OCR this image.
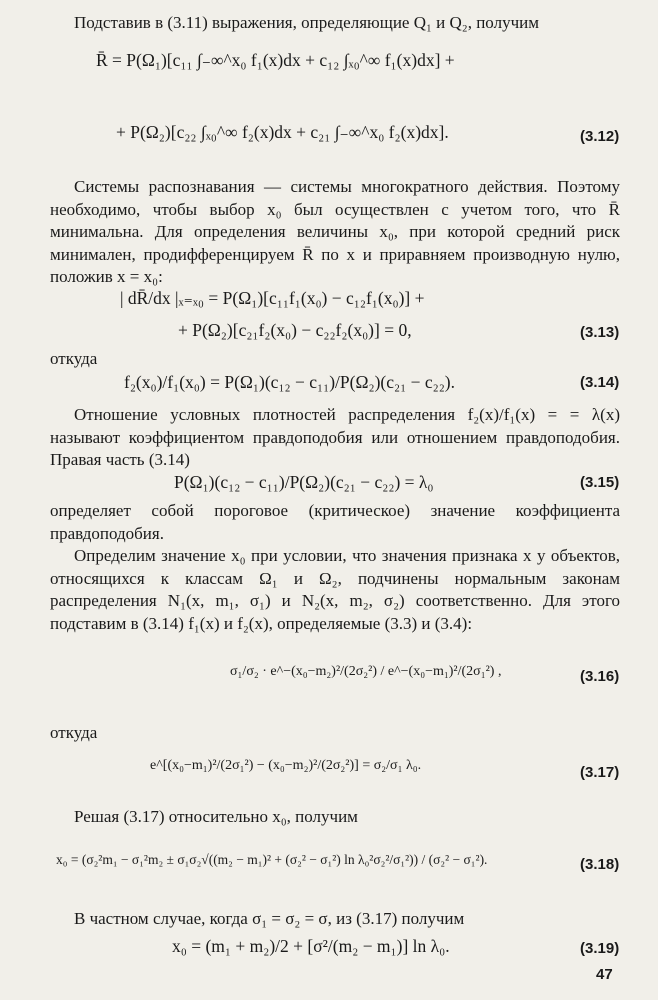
Подставив в (3.11) выражения, определяющие Q₁ и Q₂, получим
R̄ = P(Ω₁)[c₁₁ ∫₋∞^x₀ f₁(x)dx + c₁₂ ∫ₓ₀^∞ f₁(x)dx] +
+ P(Ω₂)[c₂₂ ∫ₓ₀^∞ f₂(x)dx + c₂₁ ∫₋∞^x₀ f₂(x)dx].	(3.12)
Системы распознавания — системы многократного действия. Поэтому необходимо, чтобы выбор x₀ был осуществлен с учетом того, что R̄ минимальна. Для определения величины x₀, при которой средний риск минимален, продифференцируем R̄ по x и приравняем производную нулю, положив x = x₀:
| dR̄/dx |ₓ₌ₓ₀ = P(Ω₁)[c₁₁f₁(x₀) − c₁₂f₁(x₀)] +
+ P(Ω₂)[c₂₁f₂(x₀) − c₂₂f₂(x₀)] = 0,	(3.13)
откуда
f₂(x₀)/f₁(x₀) = P(Ω₁)(c₁₂ − c₁₁)/P(Ω₂)(c₂₁ − c₂₂).	(3.14)
Отношение условных плотностей распределения f₂(x)/f₁(x) = = λ(x) называют коэффициентом правдоподобия или отношением правдоподобия. Правая часть (3.14)
P(Ω₁)(c₁₂ − c₁₁)/P(Ω₂)(c₂₁ − c₂₂) = λ₀	(3.15)
определяет собой пороговое (критическое) значение коэффициента правдоподобия.
Определим значение x₀ при условии, что значения признака x у объектов, относящихся к классам Ω₁ и Ω₂, подчинены нормальным законам распределения N₁(x, m₁, σ₁) и N₂(x, m₂, σ₂) соответственно. Для этого подставим в (3.14) f₁(x) и f₂(x), определяемые (3.3) и (3.4):
σ₁/σ₂ · e^−(x₀−m₂)²/(2σ₂²) / e^−(x₀−m₁)²/(2σ₁²) ,	(3.16)
откуда
e^[(x₀−m₁)²/(2σ₁²) − (x₀−m₂)²/(2σ₂²)] = σ₂/σ₁ λ₀.	(3.17)
Решая (3.17) относительно x₀, получим
x₀ = (σ₂²m₁ − σ₁²m₂ ± σ₁σ₂√((m₂ − m₁)² + (σ₂² − σ₁²) ln λ₀²σ₂²/σ₁²)) / (σ₂² − σ₁²).	(3.18)
В частном случае, когда σ₁ = σ₂ = σ, из (3.17) получим
x₀ = (m₁ + m₂)/2 + [σ²/(m₂ − m₁)] ln λ₀.	(3.19)
47
